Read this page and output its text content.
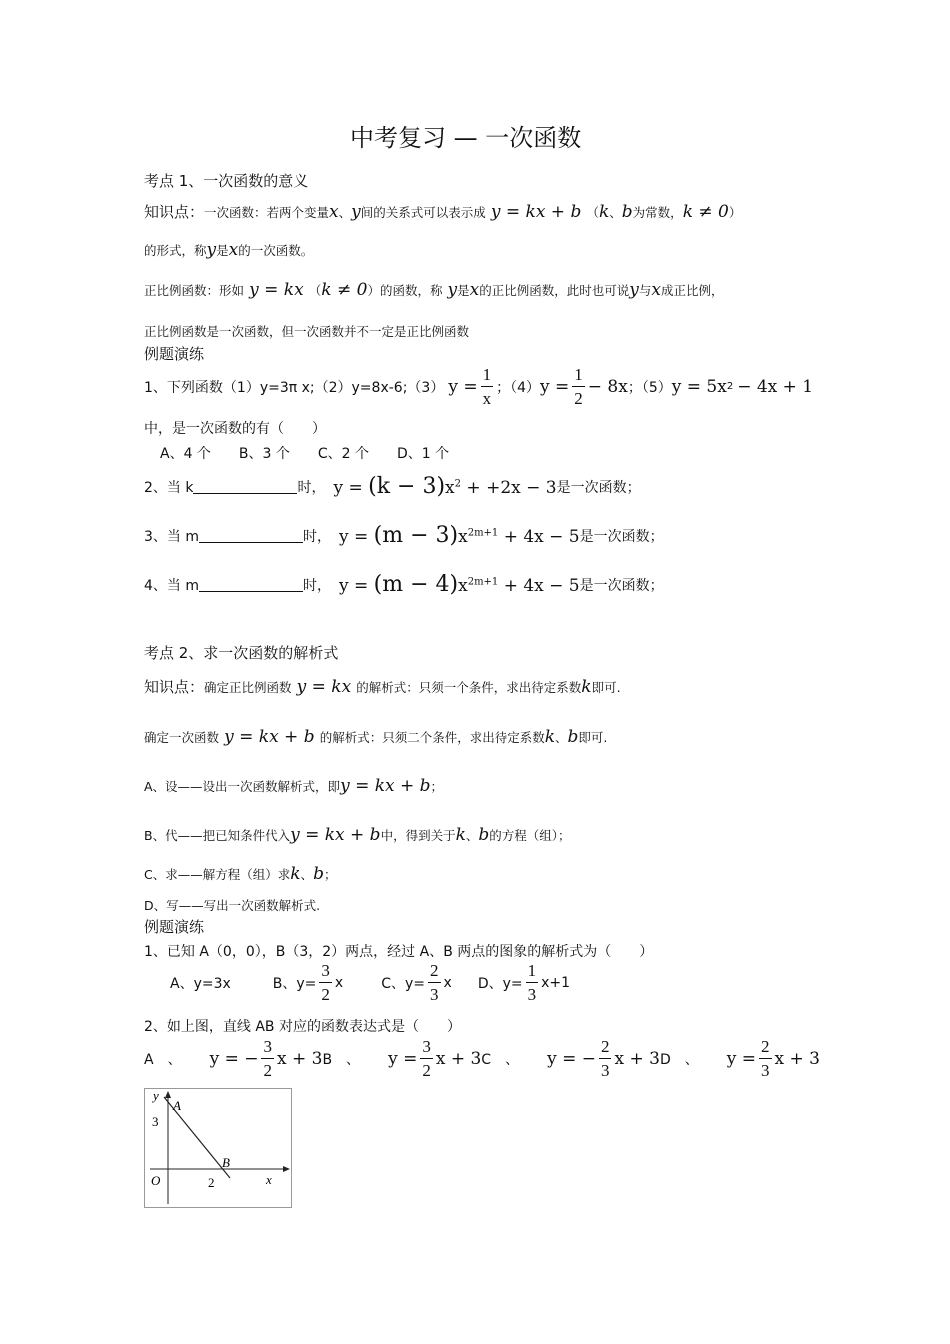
中考复习 — 一次函数
考点 1、一次函数的意义
知识点：一次函数：若两个变量x、y间的关系式可以表示成 y = kx + b （k、b为常数，k ≠ 0）
的形式，称y是x的一次函数。
正比例函数：形如 y = kx （k ≠ 0）的函数，称 y是x的正比例函数，此时也可说y与x成正比例，
正比例函数是一次函数，但一次函数并不一定是正比例函数
例题演练
1、下列函数（1）y=3π x;（2）y=8x-6;（3） $y = \frac{1}{x}$ ；（4） $y = \frac{1}{2} - 8x$ ；（5） y = 5x 2 − 4x + 1
中，是一次函数的有（　　）
A、4 个　　B、3 个　　C、2 个　　D、1 个
2、当 k	时， $y = (k - 3)x^2 + +2x - 3$ 是一次函数；
3、当 m	时， $y = (m - 3)x^{2m+1} + 4x - 5$ 是一次函数；
4、当 m	时， $y = (m - 4)x^{2m+1} + 4x - 5$ 是一次函数；
考点 2、求一次函数的解析式
知识点：确定正比例函数 y = kx 的解析式：只须一个条件，求出待定系数k即可.
确定一次函数 y = kx + b 的解析式：只须二个条件，求出待定系数k、b即可.
A、设——设出一次函数解析式，即y = kx + b；
B、代——把已知条件代入y = kx + b中，得到关于k、b的方程（组）；
C、求——解方程（组）求k、b；
D、写——写出一次函数解析式.
例题演练
1、已知 A（0，0），B（3，2）两点，经过 A、B 两点的图象的解析式为（　　）
A、y=3x	B、$y= \frac{3}{2}$ x	C、$y= \frac{2}{3}$ x D、$y= \frac{1}{3} x+1$
2、如上图，直线 AB 对应的函数表达式是（　　）
A　、 y = − $\frac{3}{2}$ x + 3 B　、 $y = \frac{3}{2}$ x + 3 C　、 y = − $\frac{2}{3}$ x + 3 D　、 $y = \frac{2}{3}$ x + 3
y
A
3
B
O	2	x
